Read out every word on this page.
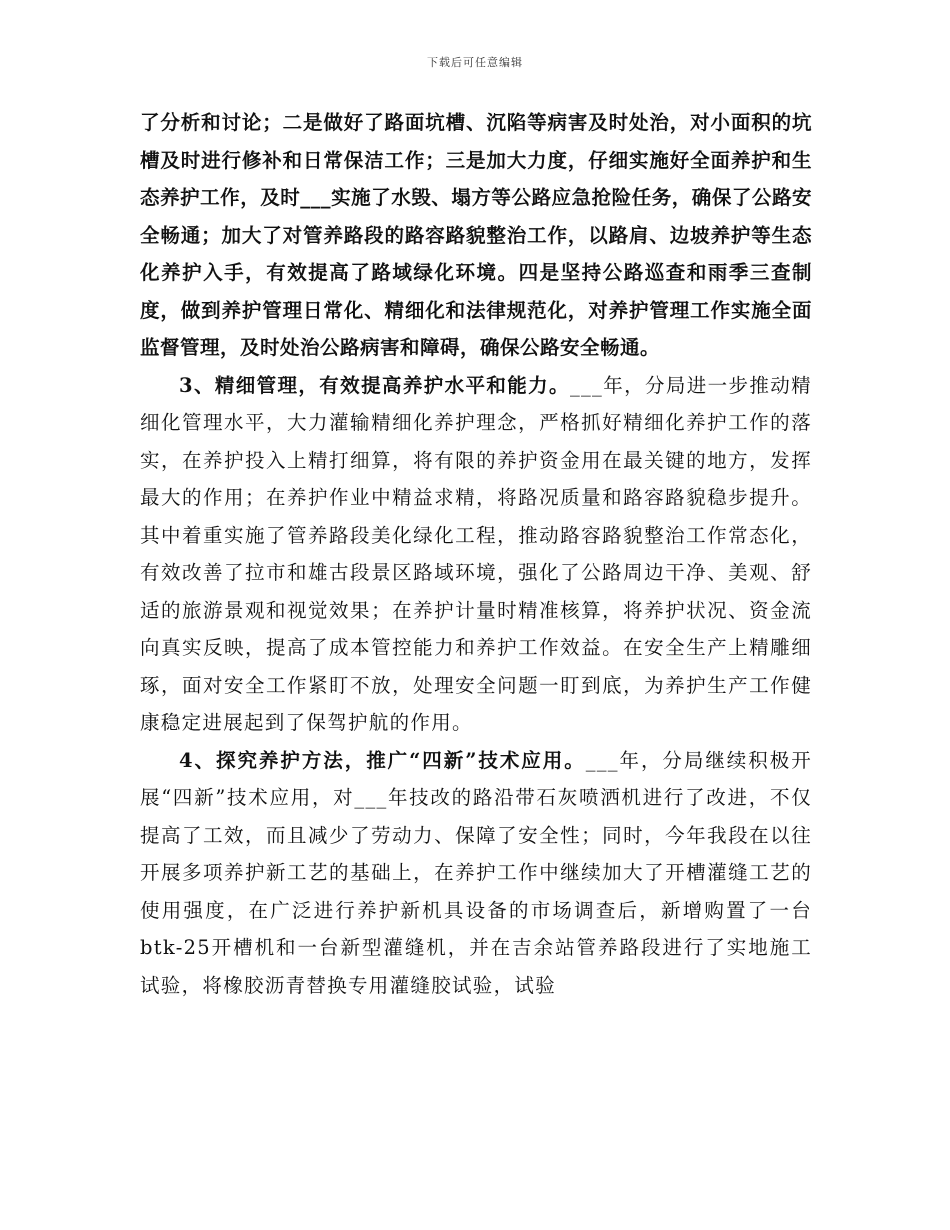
下载后可任意编辑

了分析和讨论；二是做好了路面坑槽、沉陷等病害及时处治，对小面积的坑槽及时进行修补和日常保洁工作；三是加大力度，仔细实施好全面养护和生态养护工作，及时___实施了水毁、塌方等公路应急抢险任务，确保了公路安全畅通；加大了对管养路段的路容路貌整治工作，以路肩、边坡养护等生态化养护入手，有效提高了路域绿化环境。四是坚持公路巡查和雨季三查制度，做到养护管理日常化、精细化和法律规范化，对养护管理工作实施全面监督管理，及时处治公路病害和障碍，确保公路安全畅通。

3、精细管理，有效提高养护水平和能力。___年，分局进一步推动精细化管理水平，大力灌输精细化养护理念，严格抓好精细化养护工作的落实，在养护投入上精打细算，将有限的养护资金用在最关键的地方，发挥最大的作用；在养护作业中精益求精，将路况质量和路容路貌稳步提升。其中着重实施了管养路段美化绿化工程，推动路容路貌整治工作常态化，有效改善了拉市和雄古段景区路域环境，强化了公路周边干净、美观、舒适的旅游景观和视觉效果；在养护计量时精准核算，将养护状况、资金流向真实反映，提高了成本管控能力和养护工作效益。在安全生产上精雕细琢，面对安全工作紧盯不放，处理安全问题一盯到底，为养护生产工作健康稳定进展起到了保驾护航的作用。

4、探究养护方法，推广“四新”技术应用。___年，分局继续积极开展“四新”技术应用，对___年技改的路沿带石灰喷洒机进行了改进，不仅提高了工效，而且减少了劳动力、保障了安全性；同时，今年我段在以往开展多项养护新工艺的基础上，在养护工作中继续加大了开槽灌缝工艺的使用强度，在广泛进行养护新机具设备的市场调查后，新增购置了一台btk-25开槽机和一台新型灌缝机，并在吉余站管养路段进行了实地施工试验，将橡胶沥青替换专用灌缝胶试验，试验
